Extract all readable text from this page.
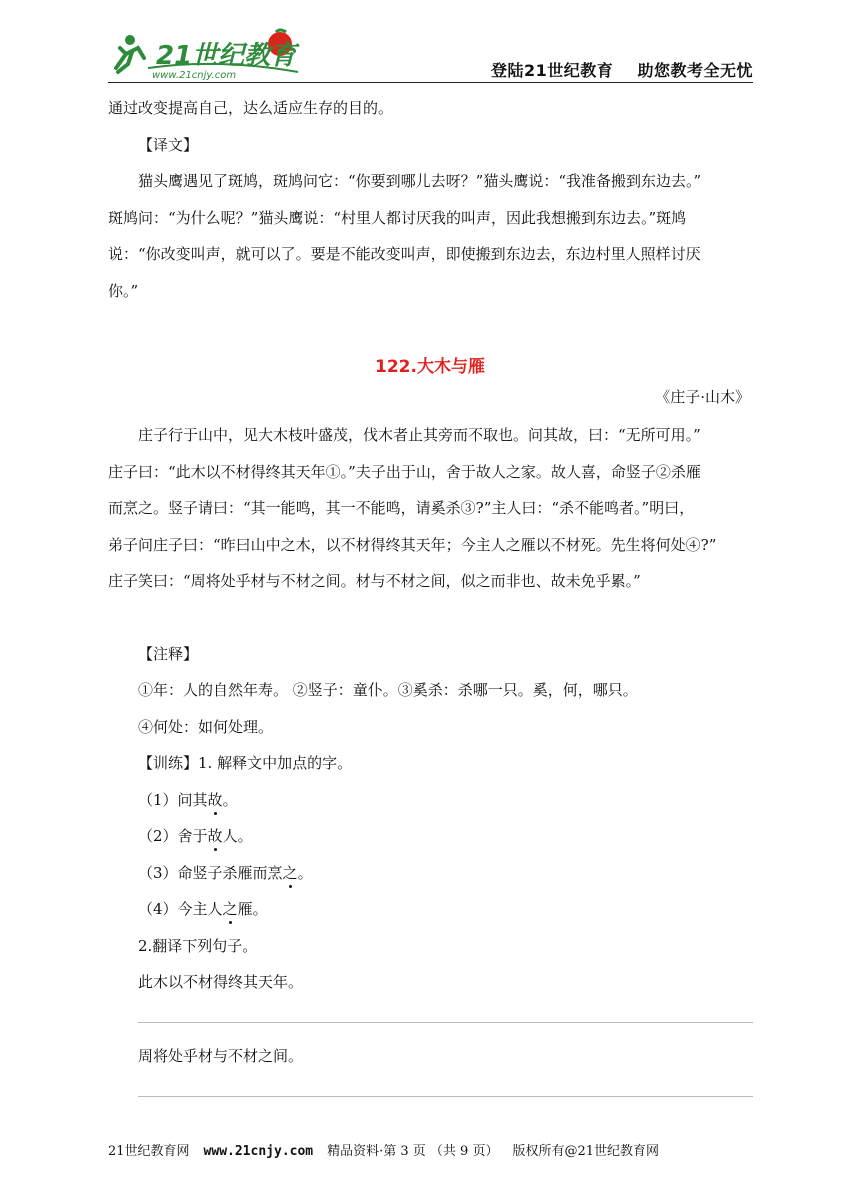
21世纪教育
www.21cnjy.com	登陆21世纪教育    助您教考全无忧
通过改变提高自己，达么适应生存的目的。
【译文】
猫头鹰遇见了斑鸠，斑鸠问它：“你要到哪儿去呀？”猫头鹰说：“我准备搬到东边去。”
斑鸠问：“为什么呢？”猫头鹰说：“村里人都讨厌我的叫声，因此我想搬到东边去。”斑鸠
说：“你改变叫声，就可以了。要是不能改变叫声，即使搬到东边去，东边村里人照样讨厌
你。”
122.大木与雁
《庄子·山木》
庄子行于山中，见大木枝叶盛茂，伐木者止其旁而不取也。问其故，曰：“无所可用。”
庄子曰：“此木以不材得终其天年①。”夫子出于山，舍于故人之家。故人喜，命竖子②杀雁
而烹之。竖子请曰：“其一能鸣，其一不能鸣，请奚杀③?”主人曰：“杀不能鸣者。”明曰，
弟子问庄子曰：“昨曰山中之木，以不材得终其天年；今主人之雁以不材死。先生将何处④?”
庄子笑曰：“周将处乎材与不材之间。材与不材之间，似之而非也、故未免乎累。”
【注释】
①年：人的自然年寿。 ②竖子：童仆。③奚杀：杀哪一只。奚，何，哪只。
④何处：如何处理。
【训练】1. 解释文中加点的字。
（1）问其故。
（2）舍于故人。
（3）命竖子杀雁而烹之。
（4）今主人之雁。
2.翻译下列句子。
此木以不材得终其天年。
周将处乎材与不材之间。
21世纪教育网 www.21cnjy.com 精品资料·第 3 页 （共 9 页） 版权所有@21世纪教育网
